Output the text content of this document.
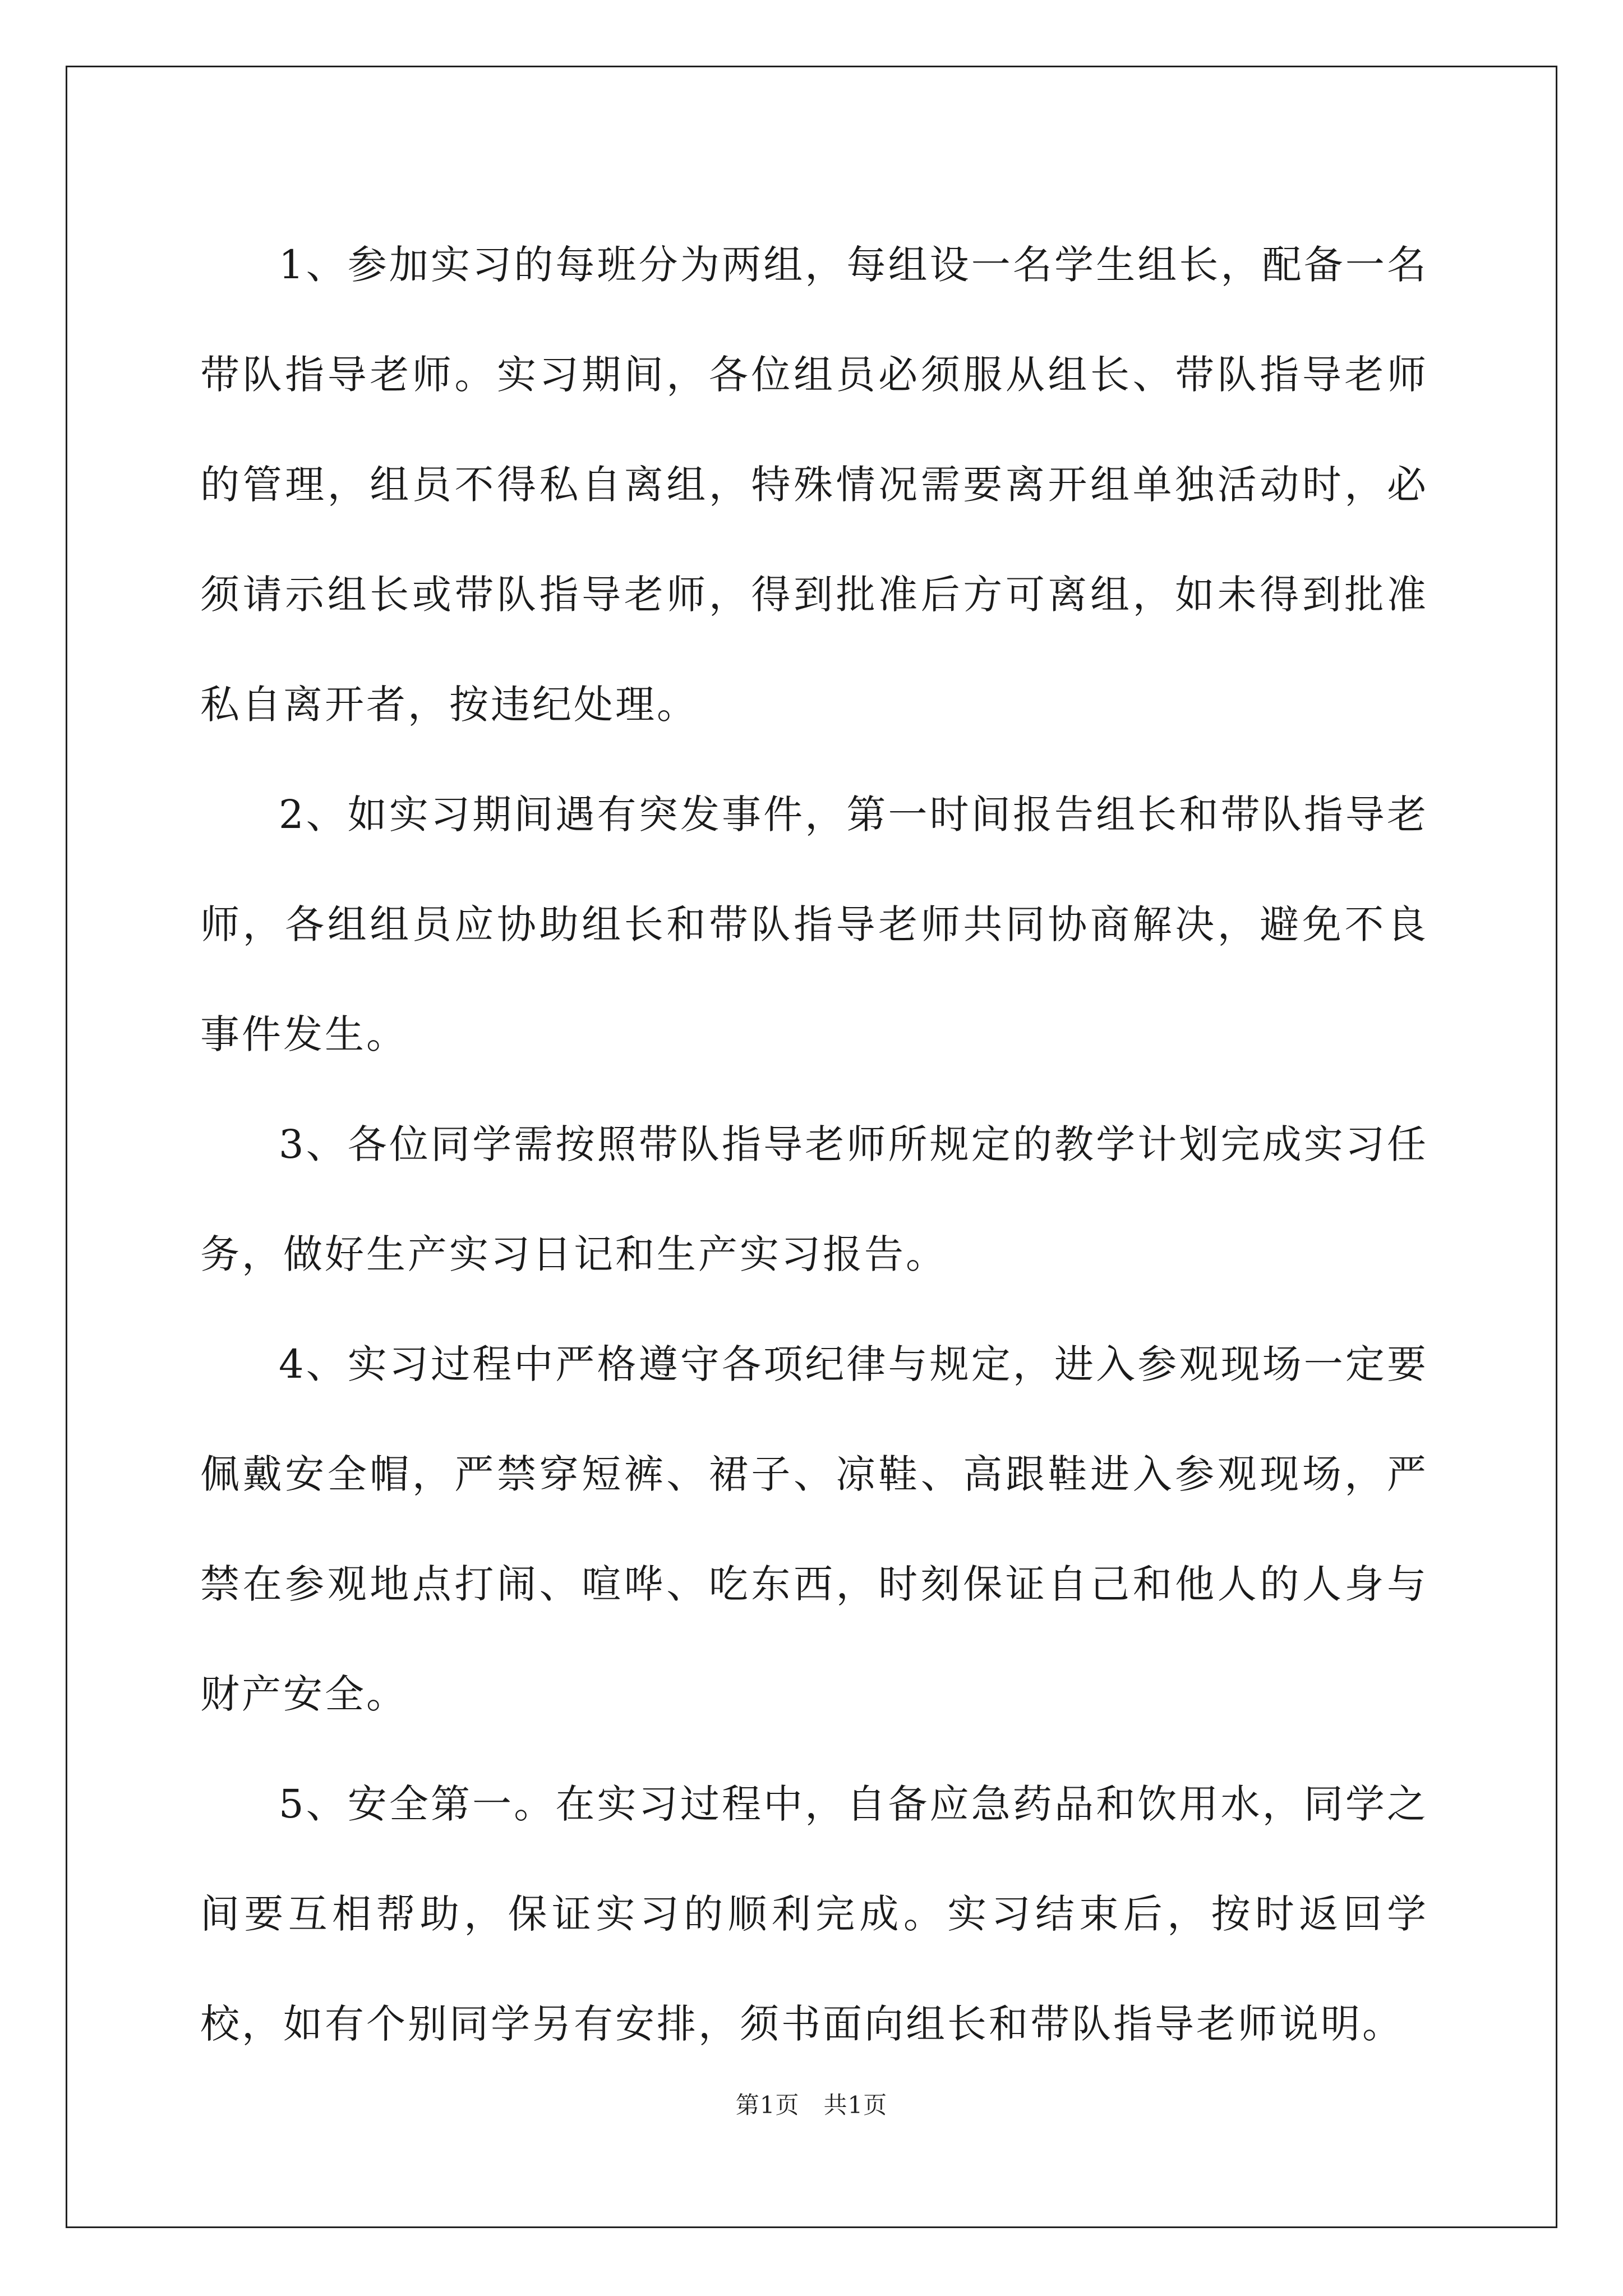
1、参加实习的每班分为两组，每组设一名学生组长，配备一名带队指导老师。实习期间，各位组员必须服从组长、带队指导老师的管理，组员不得私自离组，特殊情况需要离开组单独活动时，必须请示组长或带队指导老师，得到批准后方可离组，如未得到批准私自离开者，按违纪处理。

2、如实习期间遇有突发事件，第一时间报告组长和带队指导老师，各组组员应协助组长和带队指导老师共同协商解决，避免不良事件发生。

3、各位同学需按照带队指导老师所规定的教学计划完成实习任务，做好生产实习日记和生产实习报告。

4、实习过程中严格遵守各项纪律与规定，进入参观现场一定要佩戴安全帽，严禁穿短裤、裙子、凉鞋、高跟鞋进入参观现场，严禁在参观地点打闹、喧哗、吃东西，时刻保证自己和他人的人身与财产安全。

5、安全第一。在实习过程中，自备应急药品和饮用水，同学之间要互相帮助，保证实习的顺利完成。实习结束后，按时返回学校，如有个别同学另有安排，须书面向组长和带队指导老师说明。

第1页 共1页
